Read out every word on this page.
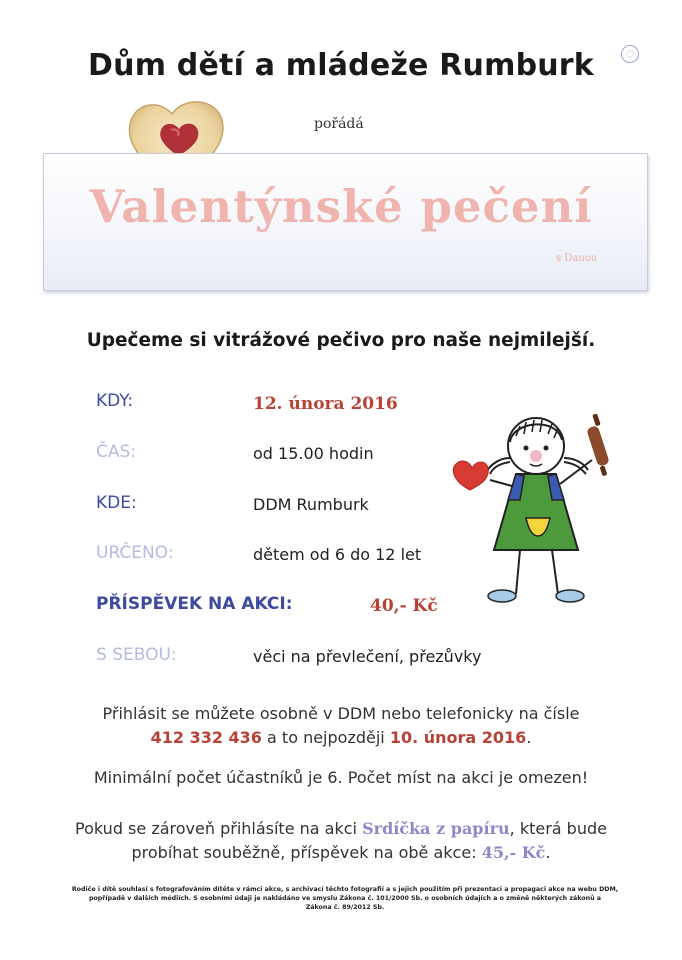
Dům dětí a mládeže Rumburk	◌
pořádá
Valentýnské pečení
s Danou
Upečeme si vitrážové pečivo pro naše nejmilejší.
KDY:	12. února 2016
ČAS:	od 15.00 hodin
KDE:	DDM Rumburk
URČENO:	dětem od 6 do 12 let
PŘÍSPĚVEK NA AKCI:	40,- Kč
S SEBOU:	věci na převlečení, přezůvky
Přihlásit se můžete osobně v DDM nebo telefonicky na čísle
412 332 436 a to nejpozději 10. února 2016.
Minimální počet účastníků je 6. Počet míst na akci je omezen!
Pokud se zároveň přihlásíte na akci Srdíčka z papíru, která bude
probíhat souběžně, příspěvek na obě akce: 45,- Kč.
Rodiče i dítě souhlasí s fotografováním dítěte v rámci akce, s archivací těchto fotografií a s jejich použitím při prezentaci a propagaci akce na webu DDM,
popřípadě v dalších médiích. S osobními údaji je nakládáno ve smyslu Zákona č. 101/2000 Sb. o osobních údajích a o změně některých zákonů a
Zákona č. 89/2012 Sb.
